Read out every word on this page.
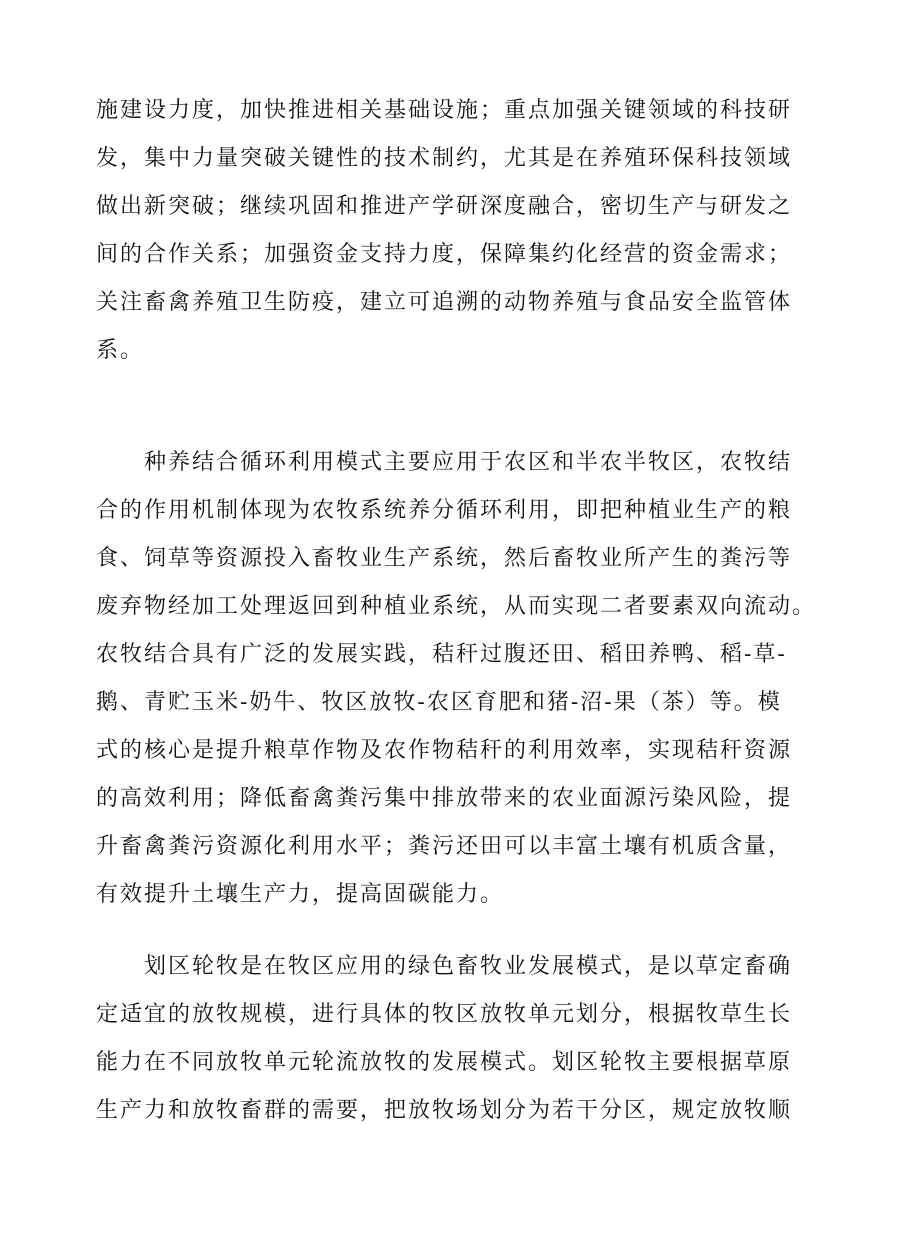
施建设力度，加快推进相关基础设施；重点加强关键领域的科技研
发，集中力量突破关键性的技术制约，尤其是在养殖环保科技领域
做出新突破；继续巩固和推进产学研深度融合，密切生产与研发之
间的合作关系；加强资金支持力度，保障集约化经营的资金需求；
关注畜禽养殖卫生防疫，建立可追溯的动物养殖与食品安全监管体
系。
种养结合循环利用模式主要应用于农区和半农半牧区，农牧结
合的作用机制体现为农牧系统养分循环利用，即把种植业生产的粮
食、饲草等资源投入畜牧业生产系统，然后畜牧业所产生的粪污等
废弃物经加工处理返回到种植业系统，从而实现二者要素双向流动。
农牧结合具有广泛的发展实践，秸秆过腹还田、稻田养鸭、稻-草-
鹅、青贮玉米-奶牛、牧区放牧-农区育肥和猪-沼-果（茶）等。模
式的核心是提升粮草作物及农作物秸秆的利用效率，实现秸秆资源
的高效利用；降低畜禽粪污集中排放带来的农业面源污染风险，提
升畜禽粪污资源化利用水平；粪污还田可以丰富土壤有机质含量，
有效提升土壤生产力，提高固碳能力。
划区轮牧是在牧区应用的绿色畜牧业发展模式，是以草定畜确
定适宜的放牧规模，进行具体的牧区放牧单元划分，根据牧草生长
能力在不同放牧单元轮流放牧的发展模式。划区轮牧主要根据草原
生产力和放牧畜群的需要，把放牧场划分为若干分区，规定放牧顺
